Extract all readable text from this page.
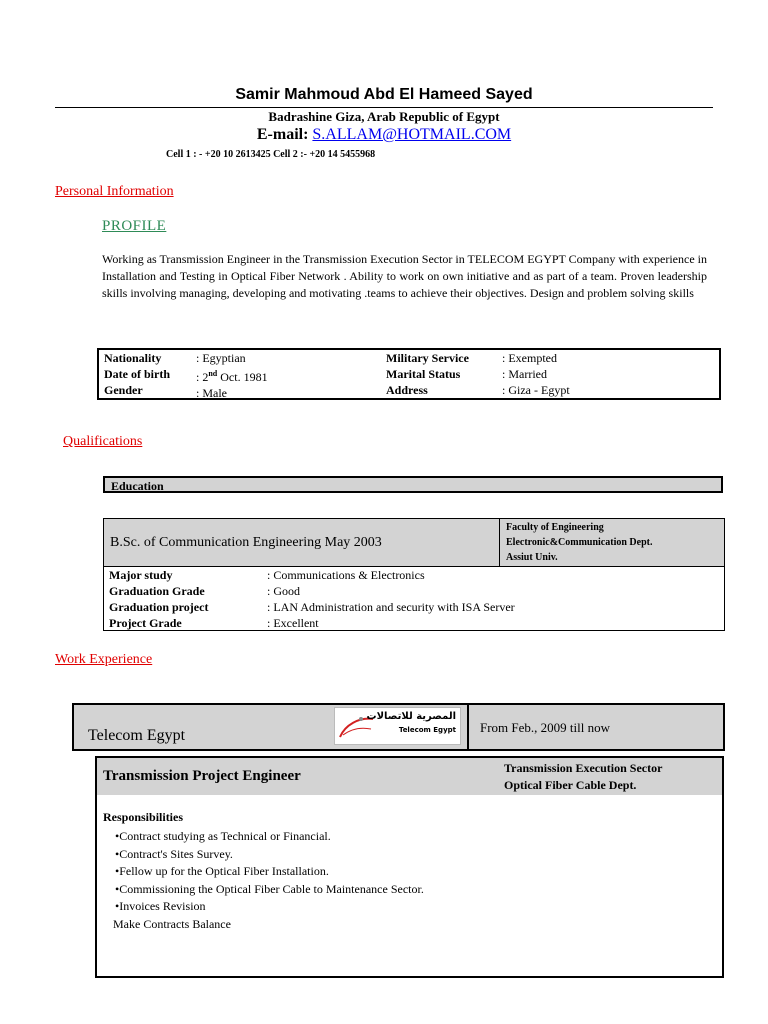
Samir Mahmoud Abd El Hameed Sayed
Badrashine Giza, Arab Republic of Egypt
E-mail: S.ALLAM@HOTMAIL.COM
Cell 1 : - +20 10 2613425 Cell 2 :- +20 14 5455968
Personal Information
PROFILE
Working as Transmission Engineer in the Transmission Execution Sector in TELECOM EGYPT Company with experience in Installation and Testing in Optical Fiber Network . Ability to work on own initiative and as part of a team. Proven leadership skills involving managing, developing and motivating .teams to achieve their objectives. Design and problem solving skills
Nationality
Date of birth
Gender
: Egyptian
: 2nd Oct. 1981
: Male
Military Service
Marital Status
Address
: Exempted
: Married
: Giza - Egypt
Qualifications
Education
B.Sc. of Communication Engineering May 2003
Faculty of Engineering
Electronic&Communication Dept.
Assiut Univ.
Major study
Graduation Grade
Graduation project
Project Grade
: Communications & Electronics
: Good
: LAN Administration and security with ISA Server
: Excellent
Work Experience
Telecom Egypt
المصرية للاتصالات
Telecom Egypt From Feb., 2009 till now
Transmission Project Engineer	Transmission Execution Sector
Optical Fiber Cable Dept.
Responsibilities
•Contract studying as Technical or Financial.
•Contract's Sites Survey.
•Fellow up for the Optical Fiber Installation.
•Commissioning the Optical Fiber Cable to Maintenance Sector.
•Invoices Revision
Make Contracts Balance
